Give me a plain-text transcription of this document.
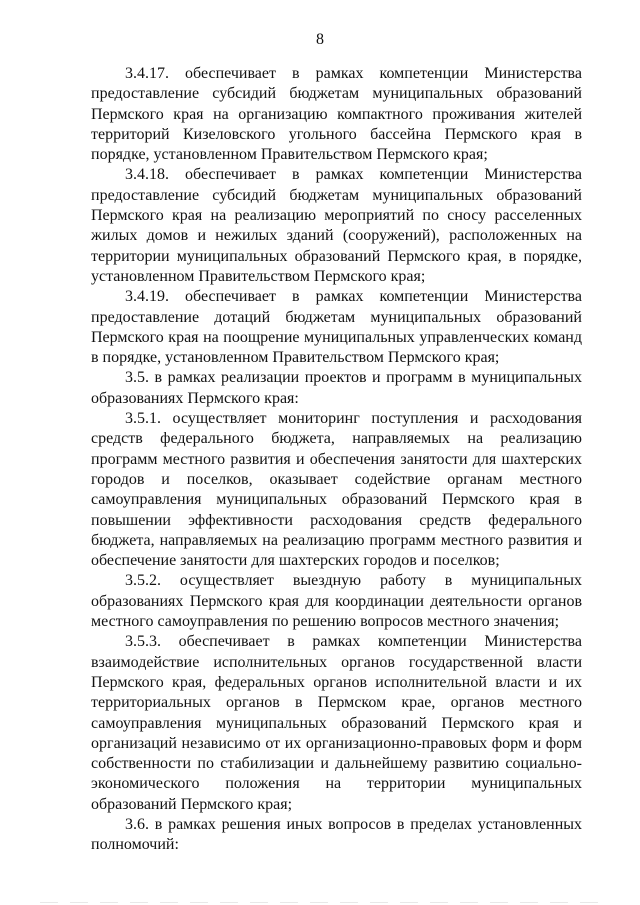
8

3.4.17. обеспечивает в рамках компетенции Министерства предоставление субсидий бюджетам муниципальных образований Пермского края на организацию компактного проживания жителей территорий Кизеловского угольного бассейна Пермского края в порядке, установленном Правительством Пермского края;

3.4.18. обеспечивает в рамках компетенции Министерства предоставление субсидий бюджетам муниципальных образований Пермского края на реализацию мероприятий по сносу расселенных жилых домов и нежилых зданий (сооружений), расположенных на территории муниципальных образований Пермского края, в порядке, установленном Правительством Пермского края;

3.4.19. обеспечивает в рамках компетенции Министерства предоставление дотаций бюджетам муниципальных образований Пермского края на поощрение муниципальных управленческих команд в порядке, установленном Правительством Пермского края;

3.5. в рамках реализации проектов и программ в муниципальных образованиях Пермского края:

3.5.1. осуществляет мониторинг поступления и расходования средств федерального бюджета, направляемых на реализацию программ местного развития и обеспечения занятости для шахтерских городов и поселков, оказывает содействие органам местного самоуправления муниципальных образований Пермского края в повышении эффективности расходования средств федерального бюджета, направляемых на реализацию программ местного развития и обеспечение занятости для шахтерских городов и поселков;

3.5.2. осуществляет выездную работу в муниципальных образованиях Пермского края для координации деятельности органов местного самоуправления по решению вопросов местного значения;

3.5.3. обеспечивает в рамках компетенции Министерства взаимодействие исполнительных органов государственной власти Пермского края, федеральных органов исполнительной власти и их территориальных органов в Пермском крае, органов местного самоуправления муниципальных образований Пермского края и организаций независимо от их организационно-правовых форм и форм собственности по стабилизации и дальнейшему развитию социально-экономического положения на территории муниципальных образований Пермского края;

3.6. в рамках решения иных вопросов в пределах установленных полномочий:
